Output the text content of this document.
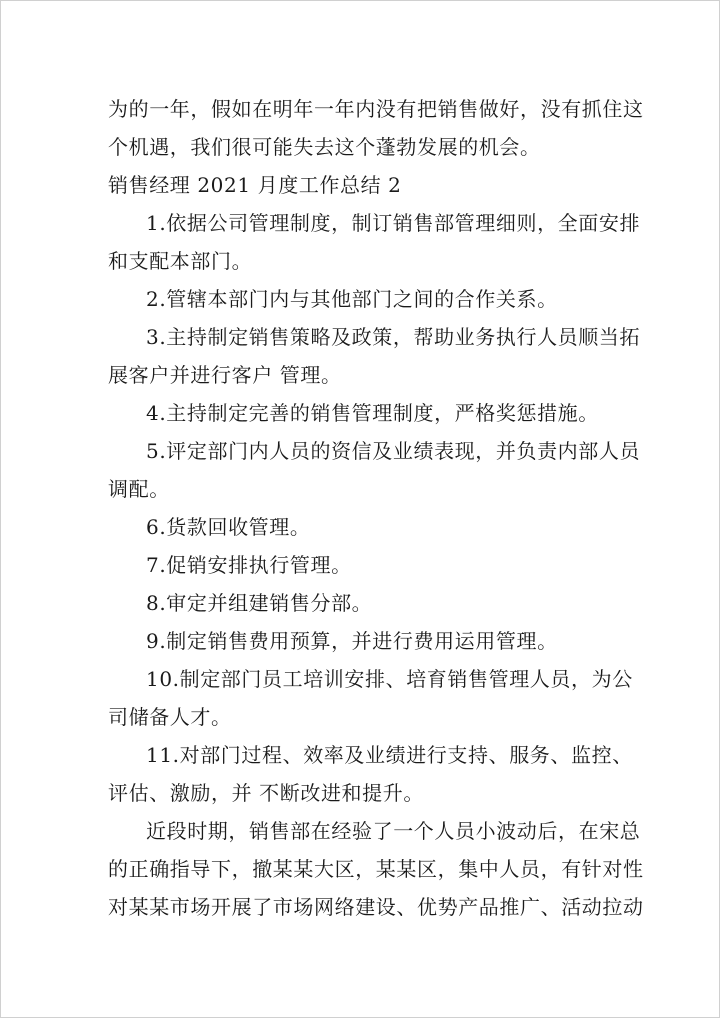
为的一年，假如在明年一年内没有把销售做好，没有抓住这
个机遇，我们很可能失去这个蓬勃发展的机会。
销售经理 2021 月度工作总结 2
1.依据公司管理制度，制订销售部管理细则，全面安排
和支配本部门。
2.管辖本部门内与其他部门之间的合作关系。
3.主持制定销售策略及政策，帮助业务执行人员顺当拓
展客户并进行客户 管理。
4.主持制定完善的销售管理制度，严格奖惩措施。
5.评定部门内人员的资信及业绩表现，并负责内部人员
调配。
6.货款回收管理。
7.促销安排执行管理。
8.审定并组建销售分部。
9.制定销售费用预算，并进行费用运用管理。
10.制定部门员工培训安排、培育销售管理人员，为公
司储备人才。
11.对部门过程、效率及业绩进行支持、服务、监控、
评估、激励，并 不断改进和提升。
近段时期，销售部在经验了一个人员小波动后，在宋总
的正确指导下，撤某某大区，某某区，集中人员，有针对性
对某某市场开展了市场网络建设、优势产品推广、活动拉动
